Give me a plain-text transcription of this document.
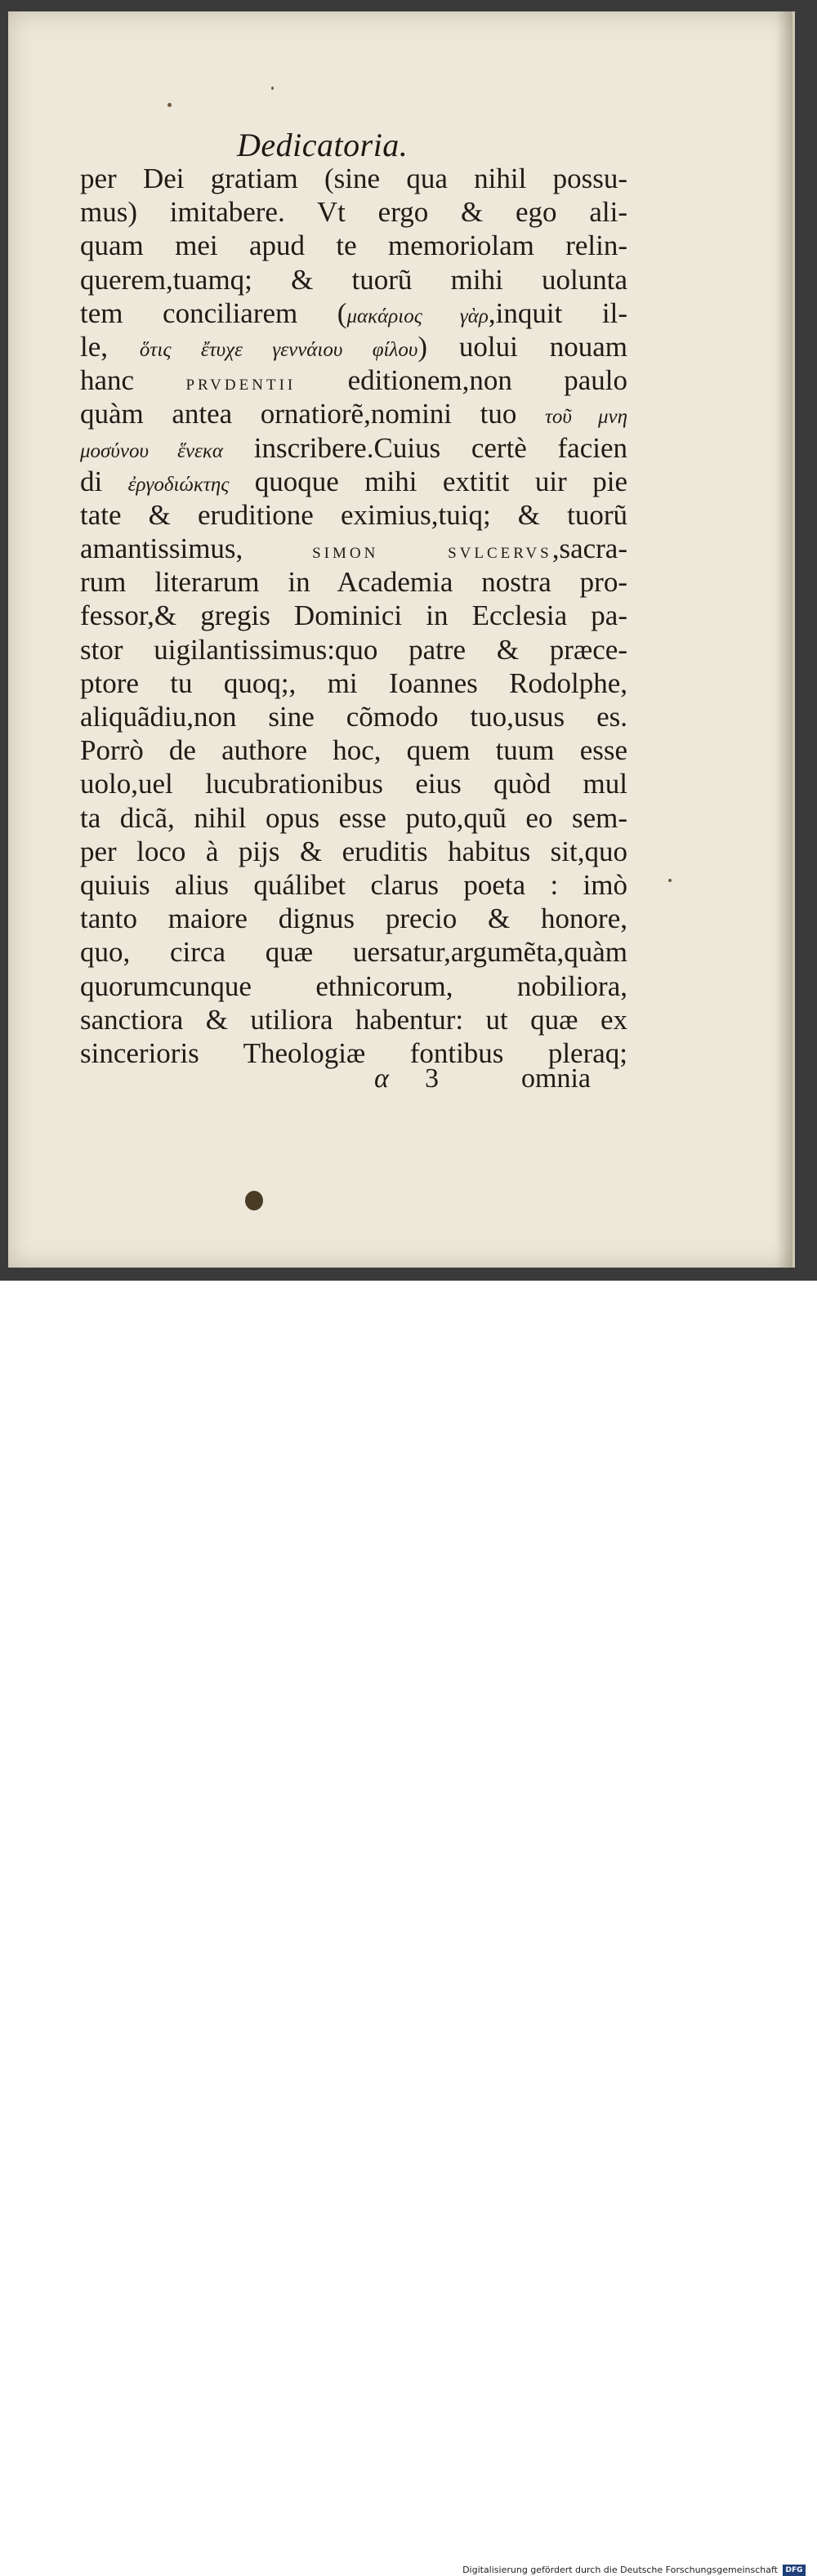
Dedicatoria.
per Dei gratiam (sine qua nihil possu-
mus) imitabere. Vt ergo & ego ali-
quam mei apud te memoriolam relin-
querem,tuamq; & tuorũ mihi uolunta
tem conciliarem (μακάριος γὰρ,inquit il-
le, ὅτις ἔτυχε γεννάιου φίλου) uolui nouam
hanc PRVDENTII editionem,non paulo
quàm antea ornatiorẽ,nomini tuo τοῦ μνη
μοσύνου ἕνεκα inscribere.Cuius certè facien
di ἐργοδιώκτης quoque mihi extitit uir pie
tate & eruditione eximius,tuiq; & tuorũ
amantissimus, SIMON SVLCERVS,sacra-
rum literarum in Academia nostra pro-
fessor,& gregis Dominici in Ecclesia pa-
stor uigilantissimus:quo patre & præce-
ptore tu quoq;, mi Ioannes Rodolphe,
aliquãdiu,non sine cõmodo tuo,usus es.
Porrò de authore hoc, quem tuum esse
uolo,uel lucubrationibus eius quòd mul
ta dicã, nihil opus esse puto,quũ eo sem-
per loco à pijs & eruditis habitus sit,quo
quiuis alius quálibet clarus poeta : imò
tanto maiore dignus precio & honore,
quo, circa quæ uersatur,argumẽta,quàm
quorumcunque ethnicorum, nobiliora,
sanctiora & utiliora habentur: ut quæ ex
sincerioris Theologiæ fontibus pleraq;
α 3	omnia
Digitalisierung gefördert durch die Deutsche Forschungsgemeinschaft	DFG
